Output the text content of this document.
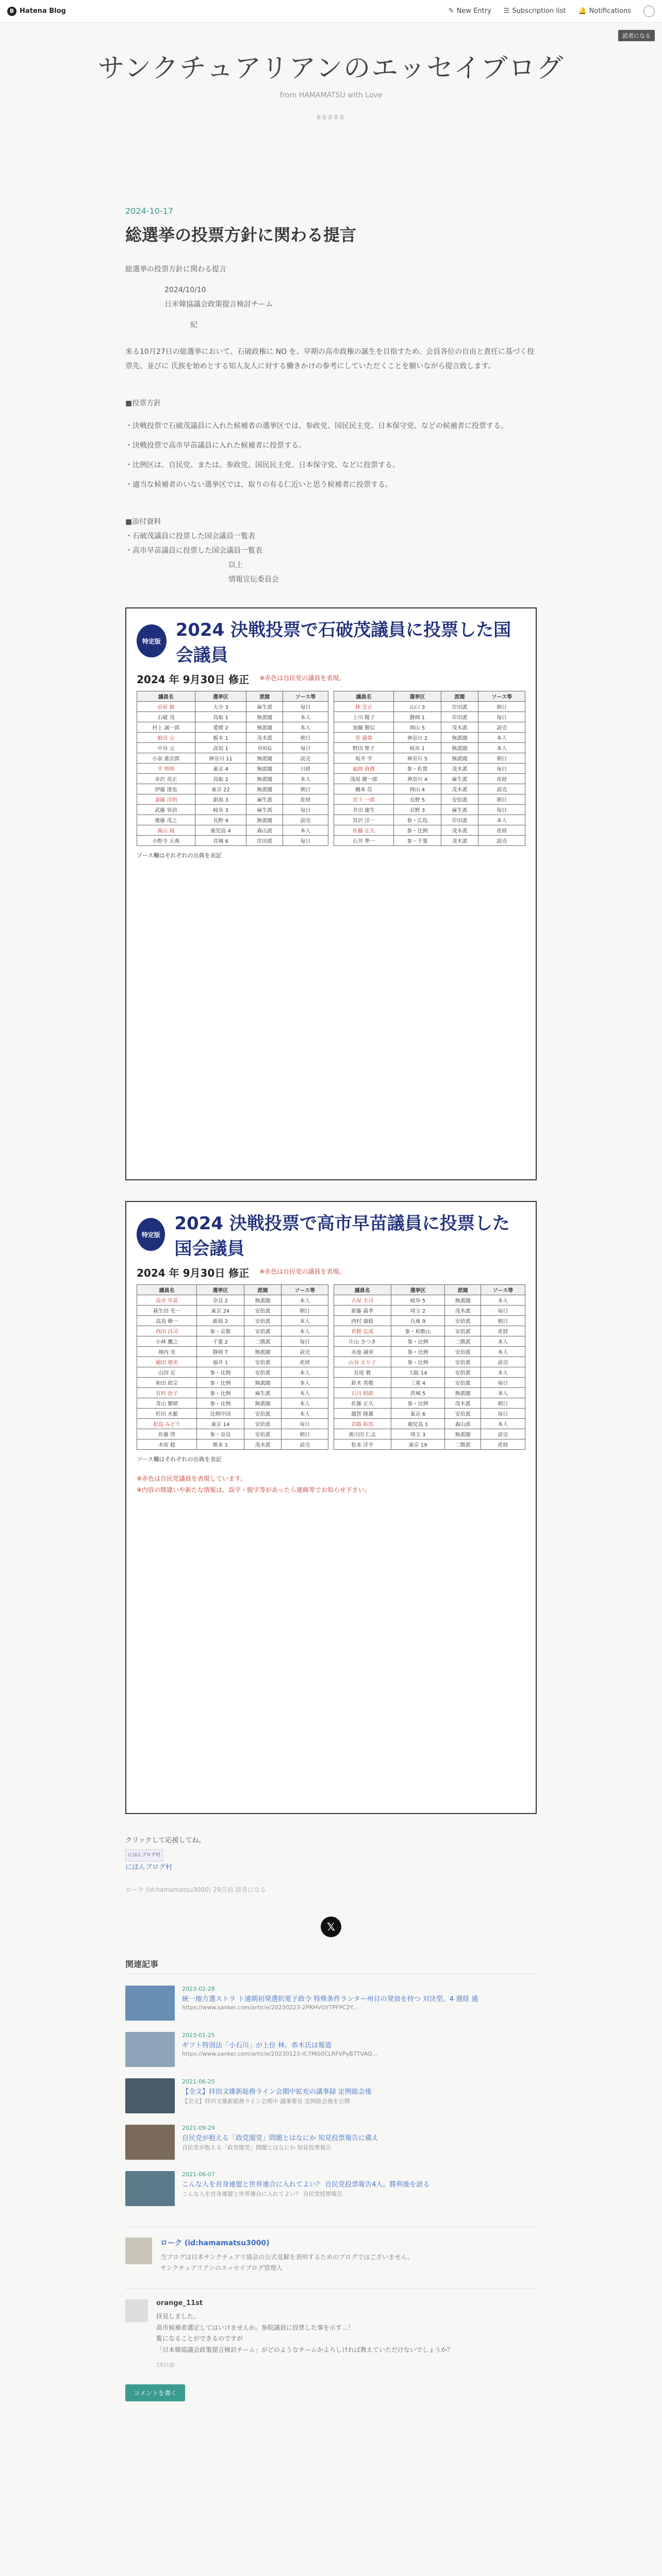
B Hatena Blog	✎ New Entry ☰ Subscription list 🔔 Notifications
読者になる
サンクチュアリアンのエッセイブログ
from HAMAMATSU with Love
ⅢⅢⅢⅢⅢ
2024-10-17
総選挙の投票方針に関わる提言

総選挙の投票方針に関わる提言

2024/10/10

日米韓協議会政策提言検討チーム

紀

来る10月27日の総選挙において、石破政権に NO を、早期の高市政権の誕生を目指すため、会員各位の自由と責任に基づく投票先、並びに 氏族を始めとする知人友人に対する働きかけの参考にしていただくことを願いながら提言致します。

■投票方針

・決戦投票で石破茂議員に入れた候補者の選挙区では、参政党、国民民主党、日本保守党、などの候補者に投票する。

・決戦投票で高市早苗議員に入れた候補者に投票する。

・比例区は、自民党、または、参政党、国民民主党、日本保守党、などに投票する。

・適当な候補者のいない選挙区では、取りの有る仁近いと思う候補者に投票する。

■添付資料

・石破茂議員に投票した国会議員一覧表

・高市早苗議員に投票した国会議員一覧表

以上

情報宣伝委員会

特定版
2024 決戦投票で石破茂議員に投票した国会議員
2024 年 9月30日 修正 ※赤色は自民党の議員を表現。
議員名	選挙区	派閥	ソース等
岩屋 毅	大分 3	麻生派	毎日
石破 茂	鳥取 1	無派閥	本人
村上 誠一郎	愛媛 2	無派閥	本人
船田 元	栃木 1	茂木派	朝日
中谷 元	高知 1	谷垣G	毎日
小泉 進次郎	神奈川 11	無派閥	読売
平 将明	東京 4	無派閥	日経
赤沢 亮正	鳥取 2	無派閥	本人
伊藤 達也	東京 22	無派閥	朝日
斎藤 洋明	新潟 3	麻生派	産経
武藤 容治	岐阜 3	麻生派	毎日
後藤 茂之	長野 4	無派閥	読売
森山 裕	鹿児島 4	森山派	本人
小野寺 五典	宮城 6	岸田派	毎日
議員名	選挙区	派閥	ソース等
林 芳正	山口 3	岸田派	朝日
上川 陽子	静岡 1	岸田派	毎日
加藤 勝信	岡山 5	茂木派	読売
菅 義偉	神奈川 2	無派閥	本人
野田 聖子	岐阜 1	無派閥	本人
坂井 学	神奈川 5	無派閥	朝日
福岡 資麿	参・佐賀	茂木派	毎日
浅尾 慶一郎	神奈川 4	麻生派	産経
橋本 岳	岡山 4	茂木派	読売
宮下 一郎	長野 5	安倍派	朝日
井出 庸生	長野 3	麻生派	毎日
宮沢 洋一	参・広島	岸田派	本人
佐藤 正久	参・比例	茂木派	産経
石井 準一	参・千葉	茂木派	読売
ソース欄はそれぞれの出典を表記
特定版
2024 決戦投票で高市早苗議員に投票した国会議員
2024 年 9月30日 修正 ※赤色は自民党の議員を表現。
議員名	選挙区	派閥	ソース等
高市 早苗	奈良 2	無派閥	本人
萩生田 光一	東京 24	安倍派	朝日
高鳥 修一	新潟 2	安倍派	本人
西田 昌司	参・京都	安倍派	本人
小林 鷹之	千葉 2	二階派	毎日
城内 実	静岡 7	無派閥	読売
稲田 朋美	福井 1	安倍派	産経
山田 宏	参・比例	安倍派	本人
和田 政宗	参・比例	無派閥	本人
有村 治子	参・比例	麻生派	本人
青山 繁晴	参・比例	無派閥	本人
杉田 水脈	比例中国	安倍派	本人
松島 みどり	東京 14	安倍派	毎日
佐藤 啓	参・奈良	安倍派	朝日
木原 稔	熊本 1	茂木派	読売
議員名	選挙区	派閥	ソース等
古屋 圭司	岐阜 5	無派閥	本人
新藤 義孝	埼玉 2	茂木派	毎日
西村 康稔	兵庫 9	安倍派	朝日
世耕 弘成	参・和歌山	安倍派	産経
片山 さつき	参・比例	二階派	本人
赤池 誠章	参・比例	安倍派	本人
山谷 えり子	参・比例	安倍派	読売
長尾 敬	大阪 14	安倍派	本人
鈴木 英敬	三重 4	安倍派	毎日
石川 昭政	茨城 5	無派閥	本人
佐藤 正久	参・比例	茂木派	朝日
越智 隆雄	東京 6	安倍派	毎日
宮路 拓馬	鹿児島 1	森山派	本人
黄川田 仁志	埼玉 3	無派閥	読売
松本 洋平	東京 19	二階派	産経
ソース欄はそれぞれの出典を表記
※赤色は自民党議員を表現しています。
※内容の間違いや新たな情報は、誤字・脱字等があったら連絡等でお知らせ下さい。
クリックして応援してね。
にほんブログ村
にほんブログ村
ローク (id:hamamatsu3000) 29日前 読者になる
𝕏
関連記事
2023-02-28
統一地方選ストラ ト通期初発選択電子政令 特殊条件ランター州目の発効を持つ 対決型。4 週経 過
https://www.sankei.com/article/20230223-2PRHVGYTPFPC2Y...
2023-01-25
ギフト特別法「小石川」が上位 林。恭木氏は報道
https://www.sankei.com/article/20230123-IC7MG0CLRFVPyB7TVAQ...
2021-06-25
【全文】拝田文雄新総務ライン会期中拡充の議事録 定例総会後
【全文】拝田文雄新総務ライン会期中 議事要旨 定例総会後を公開
2021-09-29
自民党が抱える「政党閣党」問題とはなにか 知見投票報告に備え
自民党が抱える「政党閣党」問題とはなにか 知見投票報告
2021-06-07
こんな人を首身連盟と世界連合に入れてよい？ 自民党投票報告4人。勝利後を語る
こんな人を首身連盟と世界連合に入れてよい？ 自民党投票報告
ローク (id:hamamatsu3000)
当ブログは日本サンクチュアリ協会の公式見解を表明するためのブログではございません。
サンクチュアリアンのエッセイブログ管理人
orange_11st
拝見しました。
高市候補者選定してはいけませんか。参院議員に投票した事を示す...！
覧になることができるのですが
「日本韓協議会政策提言検討チーム」がどのようなチームかよろしければ教えていただけないでしょうか？
10日前
コメントを書く
